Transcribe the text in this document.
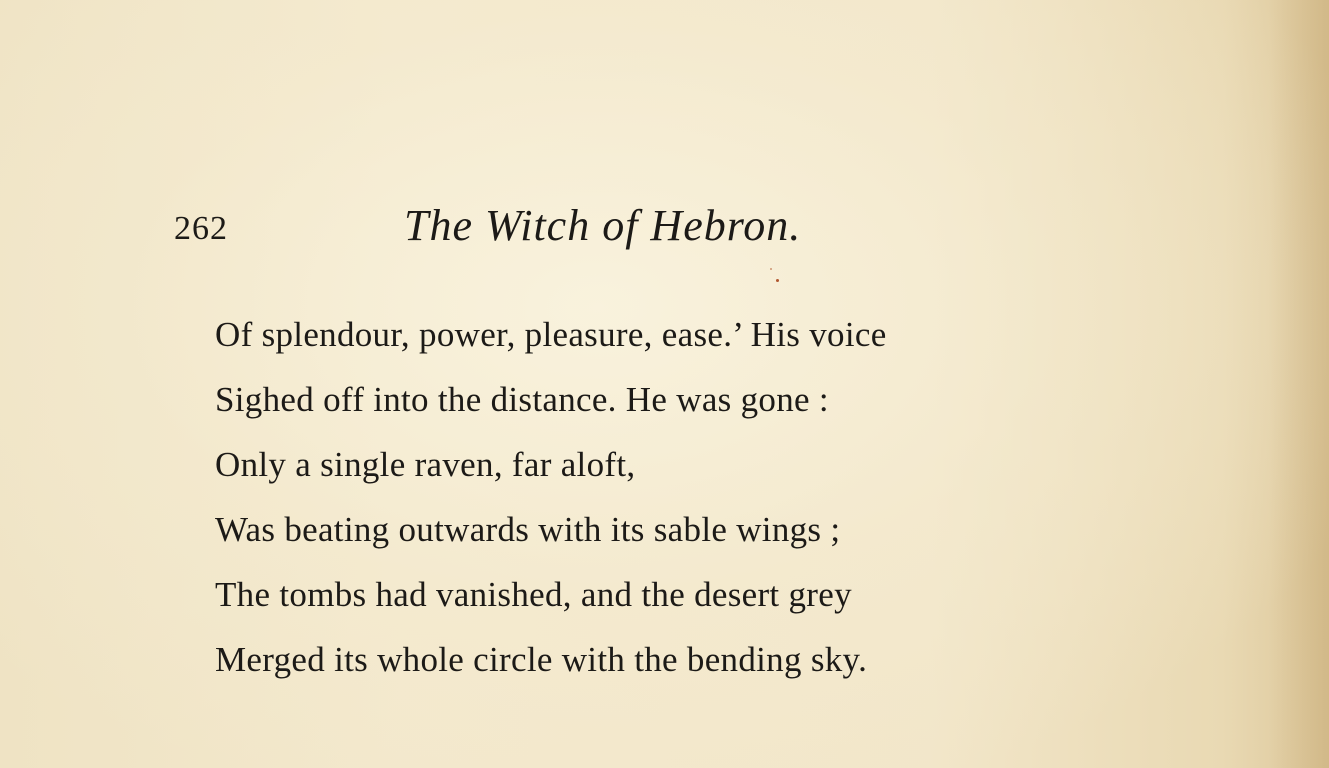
262	The Witch of Hebron.
Of splendour, power, pleasure, ease.’ His voice
Sighed off into the distance. He was gone :
Only a single raven, far aloft,
Was beating outwards with its sable wings ;
The tombs had vanished, and the desert grey
Merged its whole circle with the bending sky.
